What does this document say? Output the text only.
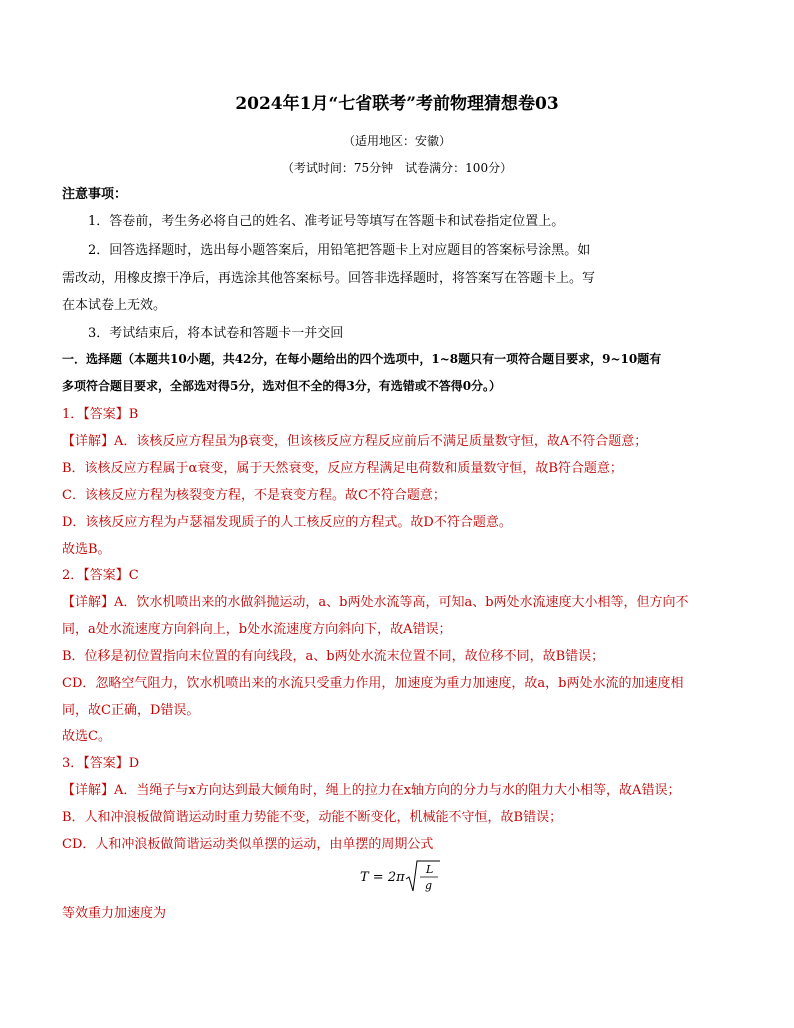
2024年1月“七省联考”考前物理猜想卷03
（适用地区：安徽）
（考试时间：75分钟　试卷满分：100分）
注意事项：
1．答卷前，考生务必将自己的姓名、准考证号等填写在答题卡和试卷指定位置上。
2．回答选择题时，选出每小题答案后，用铅笔把答题卡上对应题目的答案标号涂黑。如
需改动，用橡皮擦干净后，再选涂其他答案标号。回答非选择题时，将答案写在答题卡上。写
在本试卷上无效。
3．考试结束后，将本试卷和答题卡一并交回
一．选择题（本题共10小题，共42分，在每小题给出的四个选项中，1~8题只有一项符合题目要求，9~10题有
多项符合题目要求，全部选对得5分，选对但不全的得3分，有选错或不答得0分。）
1．【答案】B
【详解】A．该核反应方程虽为β衰变，但该核反应方程反应前后不满足质量数守恒，故A不符合题意；
B．该核反应方程属于α衰变，属于天然衰变，反应方程满足电荷数和质量数守恒，故B符合题意；
C．该核反应方程为核裂变方程，不是衰变方程。故C不符合题意；
D．该核反应方程为卢瑟福发现质子的人工核反应的方程式。故D不符合题意。
故选B。
2．【答案】C
【详解】A．饮水机喷出来的水做斜抛运动，a、b两处水流等高，可知a、b两处水流速度大小相等，但方向不
同，a处水流速度方向斜向上，b处水流速度方向斜向下，故A错误；
B．位移是初位置指向末位置的有向线段，a、b两处水流末位置不同，故位移不同，故B错误；
CD．忽略空气阻力，饮水机喷出来的水流只受重力作用，加速度为重力加速度，故a，b两处水流的加速度相
同，故C正确，D错误。
故选C。
3．【答案】D
【详解】A．当绳子与x方向达到最大倾角时，绳上的拉力在x轴方向的分力与水的阻力大小相等，故A错误；
B．人和冲浪板做简谐运动时重力势能不变，动能不断变化，机械能不守恒，故B错误；
CD．人和冲浪板做简谐运动类似单摆的运动，由单摆的周期公式
T = 2π
L
g
等效重力加速度为
